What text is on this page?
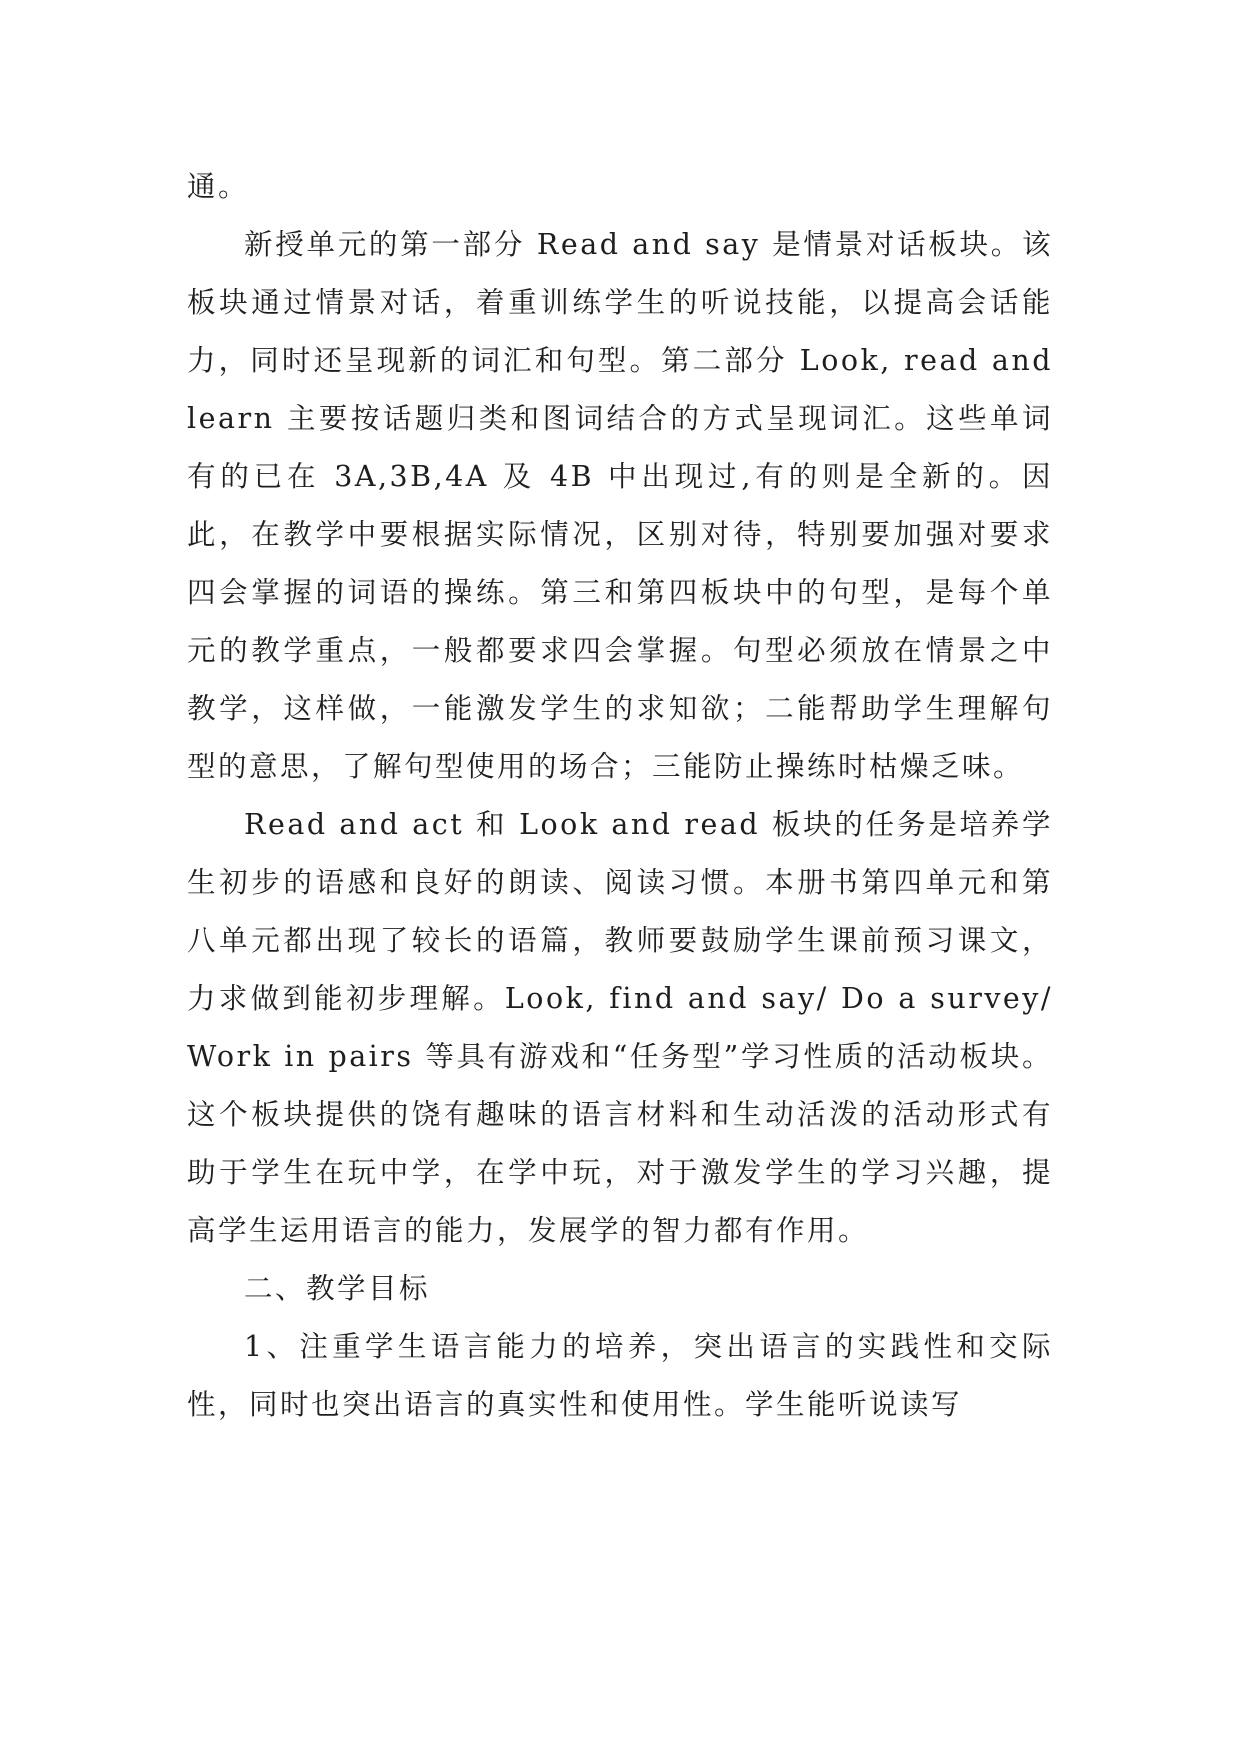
通。

新授单元的第一部分 Read and say 是情景对话板块。该板块通过情景对话，着重训练学生的听说技能，以提高会话能力，同时还呈现新的词汇和句型。第二部分 Look, read and learn 主要按话题归类和图词结合的方式呈现词汇。这些单词有的已在 3A,3B,4A 及 4B 中出现过,有的则是全新的。因此，在教学中要根据实际情况，区别对待，特别要加强对要求四会掌握的词语的操练。第三和第四板块中的句型，是每个单元的教学重点，一般都要求四会掌握。句型必须放在情景之中教学，这样做，一能激发学生的求知欲；二能帮助学生理解句型的意思，了解句型使用的场合；三能防止操练时枯燥乏味。

Read and act 和 Look and read 板块的任务是培养学生初步的语感和良好的朗读、阅读习惯。本册书第四单元和第八单元都出现了较长的语篇，教师要鼓励学生课前预习课文，力求做到能初步理解。Look, find and say/ Do a survey/ Work in pairs 等具有游戏和“任务型”学习性质的活动板块。这个板块提供的饶有趣味的语言材料和生动活泼的活动形式有助于学生在玩中学，在学中玩，对于激发学生的学习兴趣，提高学生运用语言的能力，发展学的智力都有作用。

二、教学目标

1、注重学生语言能力的培养，突出语言的实践性和交际性，同时也突出语言的真实性和使用性。学生能听说读写
